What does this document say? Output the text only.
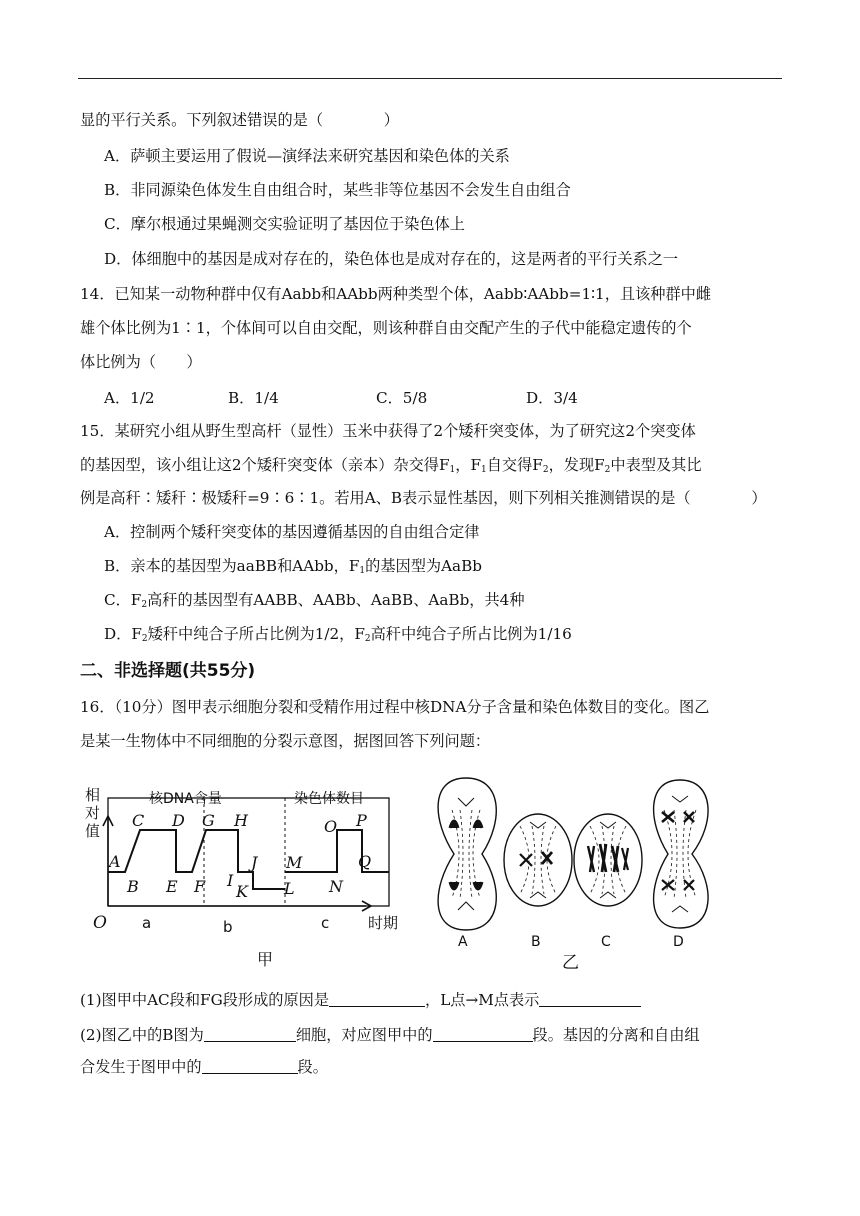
显的平行关系。下列叙述错误的是（　　　　）
A．萨顿主要运用了假说—演绎法来研究基因和染色体的关系
B．非同源染色体发生自由组合时，某些非等位基因不会发生自由组合
C．摩尔根通过果蝇测交实验证明了基因位于染色体上
D．体细胞中的基因是成对存在的，染色体也是成对存在的，这是两者的平行关系之一
14．已知某一动物种群中仅有Aabb和AAbb两种类型个体，Aabb∶AAbb=1∶1，且该种群中雌
雄个体比例为1∶1，个体间可以自由交配，则该种群自由交配产生的子代中能稳定遗传的个
体比例为（　　）
A．1/2	B．1/4	C．5/8	D．3/4
15．某研究小组从野生型高杆（显性）玉米中获得了2个矮秆突变体，为了研究这2个突变体
的基因型，该小组让这2个矮秆突变体（亲本）杂交得$F_1$，$F_1$自交得$F_2$，发现$F_2$中表型及其比
例是高秆∶矮秆∶极矮秆=9∶6∶1。若用A、B表示显性基因，则下列相关推测错误的是（　　　　）
A．控制两个矮秆突变体的基因遵循基因的自由组合定律
B．亲本的基因型为aaBB和AAbb，$F_1$的基因型为AaBb
C．$F_2$高秆的基因型有AABB、AABb、AaBB、AaBb，共4种
D．$F_2$矮秆中纯合子所占比例为1/2，$F_2$高秆中纯合子所占比例为1/16
二、非选择题(共55分)
16．（10分）图甲表示细胞分裂和受精作用过程中核DNA分子含量和染色体数目的变化。图乙
是某一生物体中不同细胞的分裂示意图，据图回答下列问题：
相
对
值
核DNA含量	染色体数目
A
B
C D
E F
G H
I
J
K L
M
N
O P
Q
O a	b	c	时期
甲
A	B	C	D
乙
(1)图甲中AC段和FG段形成的原因是	，L点→M点表示
(2)图乙中的B图为	细胞，对应图甲中的	段。基因的分离和自由组
合发生于图甲中的	段。
